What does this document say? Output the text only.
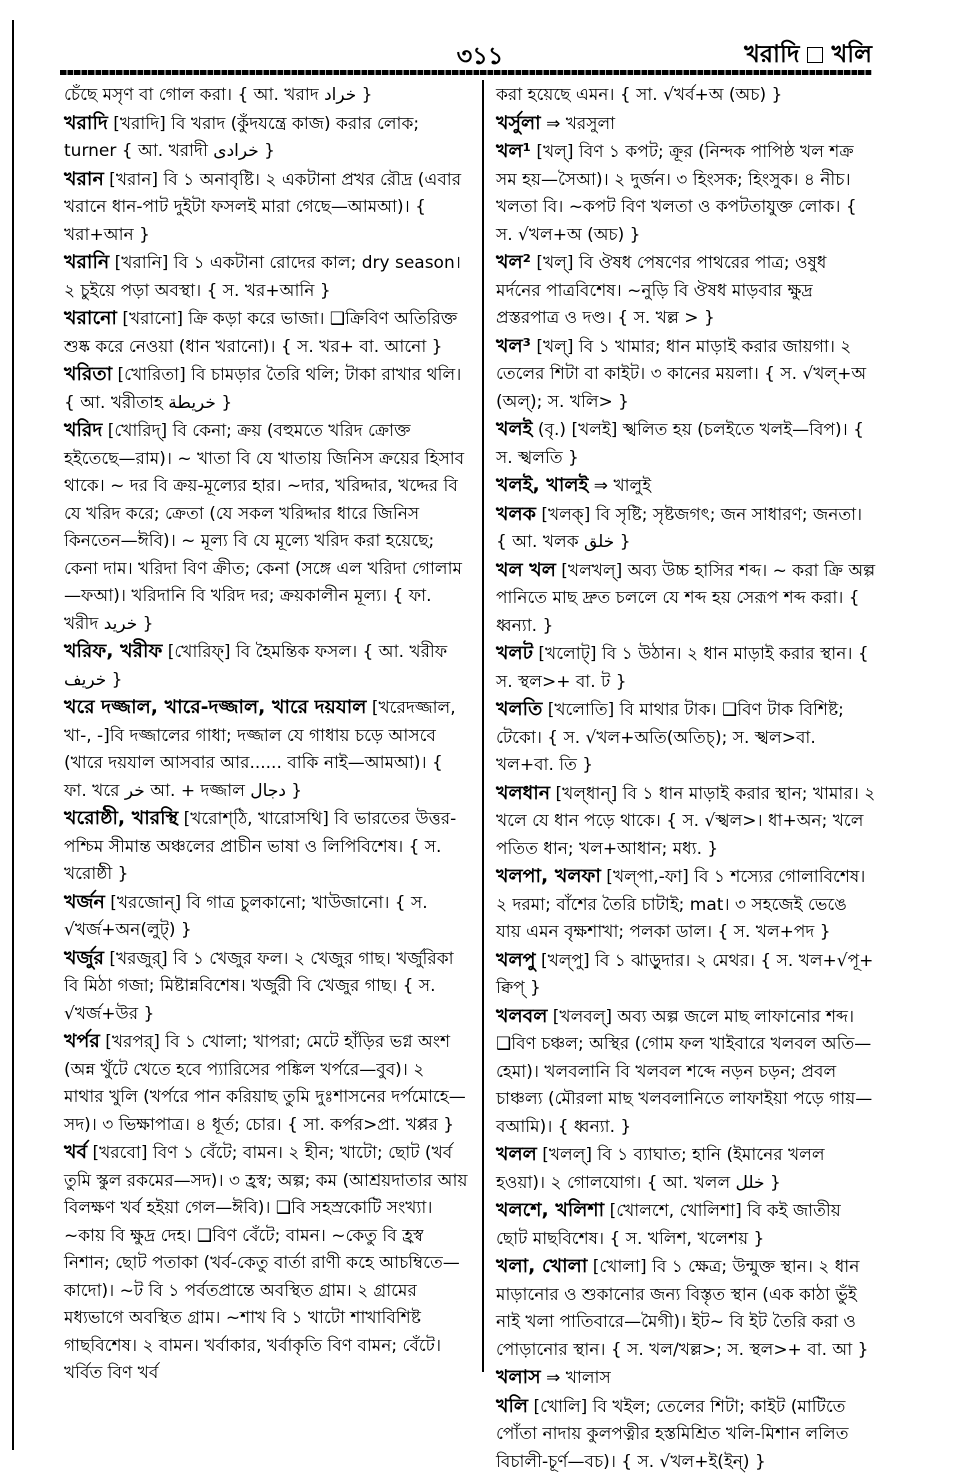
৩১১	খরাদি খলি

চেঁছে মসৃণ বা গোল করা। { আ. খরাদ خراد }

খরাদি [খরাদি] বি খরাদ (কুঁদযন্ত্রে কাজ) করার লোক; turner { আ. খরাদী خرادی }

খরান [খরান] বি ১ অনাবৃষ্টি। ২ একটানা প্রখর রৌদ্র (এবার খরানে ধান-পাট দুইটা ফসলই মারা গেছে—আমআ)। { খরা+আন }

খরানি [খরানি] বি ১ একটানা রোদের কাল; dry season। ২ চুইয়ে পড়া অবস্থা। { স. খর+আনি }

খরানো [খরানো] ক্রি কড়া করে ভাজা। ❑ক্রিবিণ অতিরিক্ত শুষ্ক করে নেওয়া (ধান খরানো)। { স. খর+ বা. আনো }

খরিতা [খোরিতা] বি চামড়ার তৈরি থলি; টাকা রাখার থলি। { আ. খরীতাহ خريطة }

খরিদ [খোরিদ্] বি কেনা; ক্রয় (বহুমতে খরিদ ক্রোক্ত হইতেছে—রাম)। ~ খাতা বি যে খাতায় জিনিস ক্রয়ের হিসাব থাকে। ~ দর বি ক্রয়-মূল্যের হার। ~দার, খরিদ্দার, খদ্দের বি যে খরিদ করে; ক্রেতা (যে সকল খরিদ্দার ধারে জিনিস কিনতেন—ঈবি)। ~ মূল্য বি যে মূল্যে খরিদ করা হয়েছে; কেনা দাম। খরিদা বিণ ক্রীত; কেনা (সঙ্গে এল খরিদা গোলাম—ফআ)। খরিদানি বি খরিদ দর; ক্রয়কালীন মূল্য। { ফা. খরীদ خرید }

খরিফ, খরীফ [খোরিফ্] বি হৈমন্তিক ফসল। { আ. খরীফ خریف }

খরে দজ্জাল, খারে-দজ্জাল, খারে দয়যাল [খরেদজ্জাল, খা-, -]বি দজ্জালের গাধা; দজ্জাল যে গাধায় চড়ে আসবে (খারে দয়যাল আসবার আর...... বাকি নাই—আমআ)। { ফা. খরে خر আ. + দজ্জাল دجال }

খরোষ্ঠী, খারস্থি [খরোশ্‌ঠি, খারোসথি] বি ভারতের উত্তর-পশ্চিম সীমান্ত অঞ্চলের প্রাচীন ভাষা ও লিপিবিশেষ। { স. খরোষ্ঠী }

খর্জন [খরজোন্] বি গাত্র চুলকানো; খাউজানো। { স. √খর্জ+অন(লুট্) }

খর্জুর [খরজুর্] বি ১ খেজুর ফল। ২ খেজুর গাছ। খর্জুরিকা বি মিঠা গজা; মিষ্টান্নবিশেষ। খর্জুরী বি খেজুর গাছ। { স. √খর্জ+উর }

খর্পর [খরপর্] বি ১ খোলা; খাপরা; মেটে হাঁড়ির ভগ্ন অংশ (অন্ন খুঁটে খেতে হবে প্যারিসের পঙ্কিল খর্পরে—বুব)। ২ মাথার খুলি (খর্পরে পান করিয়াছ তুমি দুঃশাসনের দর্পমোহে—সদ)। ৩ ভিক্ষাপাত্র। ৪ ধূর্ত; চোর। { সা. কর্পর>প্রা. খপ্পর }

খর্ব [খরবো] বিণ ১ বেঁটে; বামন। ২ হীন; খাটো; ছোট (খর্ব তুমি স্কুল রকমের—সদ)। ৩ হ্রস্ব; অল্প; কম (আশ্রয়দাতার আয় বিলক্ষণ খর্ব হইয়া গেল—ঈবি)। ❑বি সহস্রকোটি সংখ্যা। ~কায় বি ক্ষুদ্র দেহ। ❑বিণ বেঁটে; বামন। ~কেতু বি হ্রস্ব নিশান; ছোট পতাকা (খর্ব-কেতু বার্তা রাণী কহে আচম্বিতে—কাদো)। ~ট বি ১ পর্বতপ্রান্তে অবস্থিত গ্রাম। ২ গ্রামের মধ্যভাগে অবস্থিত গ্রাম। ~শাখ বি ১ খাটো শাখাবিশিষ্ট গাছবিশেষ। ২ বামন। খর্বাকার, খর্বাকৃতি বিণ বামন; বেঁটে। খর্বিত বিণ খর্ব

করা হয়েছে এমন। { সা. √খর্ব+অ (অচ) }

খর্সুলা ⇒ খরসুলা

খল¹ [খল্] বিণ ১ কপট; ক্রূর (নিন্দক পাপিষ্ঠ খল শক্র সম হয়—সৈআ)। ২ দুর্জন। ৩ হিংসক; হিংসুক। ৪ নীচ। খলতা বি। ~কপট বিণ খলতা ও কপটতাযুক্ত লোক। { স. √খল+অ (অচ) }

খল² [খল্] বি ঔষধ পেষণের পাথরের পাত্র; ওষুধ মর্দনের পাত্রবিশেষ। ~নুড়ি বি ঔষধ মাড়বার ক্ষুদ্র প্রস্তরপাত্র ও দণ্ড। { স. খল্ল > }

খল³ [খল্] বি ১ খামার; ধান মাড়াই করার জায়গা। ২ তেলের শিটা বা কাইট। ৩ কানের ময়লা। { স. √খল্+অ (অল্); স. খলি> }

খলই (বৃ.) [খলই] স্খলিত হয় (চলইতে খলই—বিপ)। { স. স্খলতি }

খলই, খালই ⇒ খালুই

খলক [খলক্] বি সৃষ্টি; সৃষ্টজগৎ; জন সাধারণ; জনতা। { আ. খলক خلق }

খল খল [খলখল্] অব্য উচ্চ হাসির শব্দ। ~ করা ক্রি অল্প পানিতে মাছ দ্রুত চললে যে শব্দ হয় সেরূপ শব্দ করা। { ধ্বন্যা. }

খলট [খলোট্] বি ১ উঠান। ২ ধান মাড়াই করার স্থান। { স. স্থল>+ বা. ট }

খলতি [খলোতি] বি মাথার টাক। ❑বিণ টাক বিশিষ্ট; টেকো। { স. √খল+অতি(অতিচ্); স. স্খল>বা. খল+বা. তি }

খলধান [খল্‌ধান্] বি ১ ধান মাড়াই করার স্থান; খামার। ২ খলে যে ধান পড়ে থাকে। { স. √স্খল>। ধা+অন; খলে পতিত ধান; খল+আধান; মধ্য. }

খলপা, খলফা [খল্‌পা,-ফা] বি ১ শস্যের গোলাবিশেষ। ২ দরমা; বাঁশের তৈরি চাটাই; mat। ৩ সহজেই ভেঙে যায় এমন বৃক্ষশাখা; পলকা ডাল। { স. খল+পদ }

খলপু [খল্‌পু] বি ১ ঝাড়ুদার। ২ মেথর। { স. খল+√পূ+ ক্বিপ্ }

খলবল [খলবল্] অব্য অল্প জলে মাছ লাফানোর শব্দ। ❑বিণ চঞ্চল; অস্থির (গোম ফল খাইবারে খলবল অতি—হেমা)। খলবলানি বি খলবল শব্দে নড়ন চড়ন; প্রবল চাঞ্চল্য (মৌরলা মাছ খলবলানিতে লাফাইয়া পড়ে গায়—বআমি)। { ধ্বন্যা. }

খলল [খলল্] বি ১ ব্যাঘাত; হানি (ইমানের খলল হওয়া)। ২ গোলযোগ। { আ. খলল خلل }

খলশে, খলিশা [খোলশে, খোলিশা] বি কই জাতীয় ছোট মাছবিশেষ। { স. খলিশ, খলেশয় }

খলা, খোলা [খোলা] বি ১ ক্ষেত্র; উন্মুক্ত স্থান। ২ ধান মাড়ানোর ও শুকানোর জন্য বিস্তৃত স্থান (এক কাঠা ভুঁই নাই খলা পাতিবারে—মৈগী)। ইট~ বি ইট তৈরি করা ও পোড়ানোর স্থান। { স. খল/খল্ল>; স. স্থল>+ বা. আ }

খলাস ⇒ খালাস

খলি [খোলি] বি খইল; তেলের শিটা; কাইট (মাটিতে পোঁতা নাদায় কুলপত্নীর হস্তমিশ্রিত খলি-মিশান ললিত বিচালী-চূর্ণ—বচ)। { স. √খল+ই(ইন্) }
